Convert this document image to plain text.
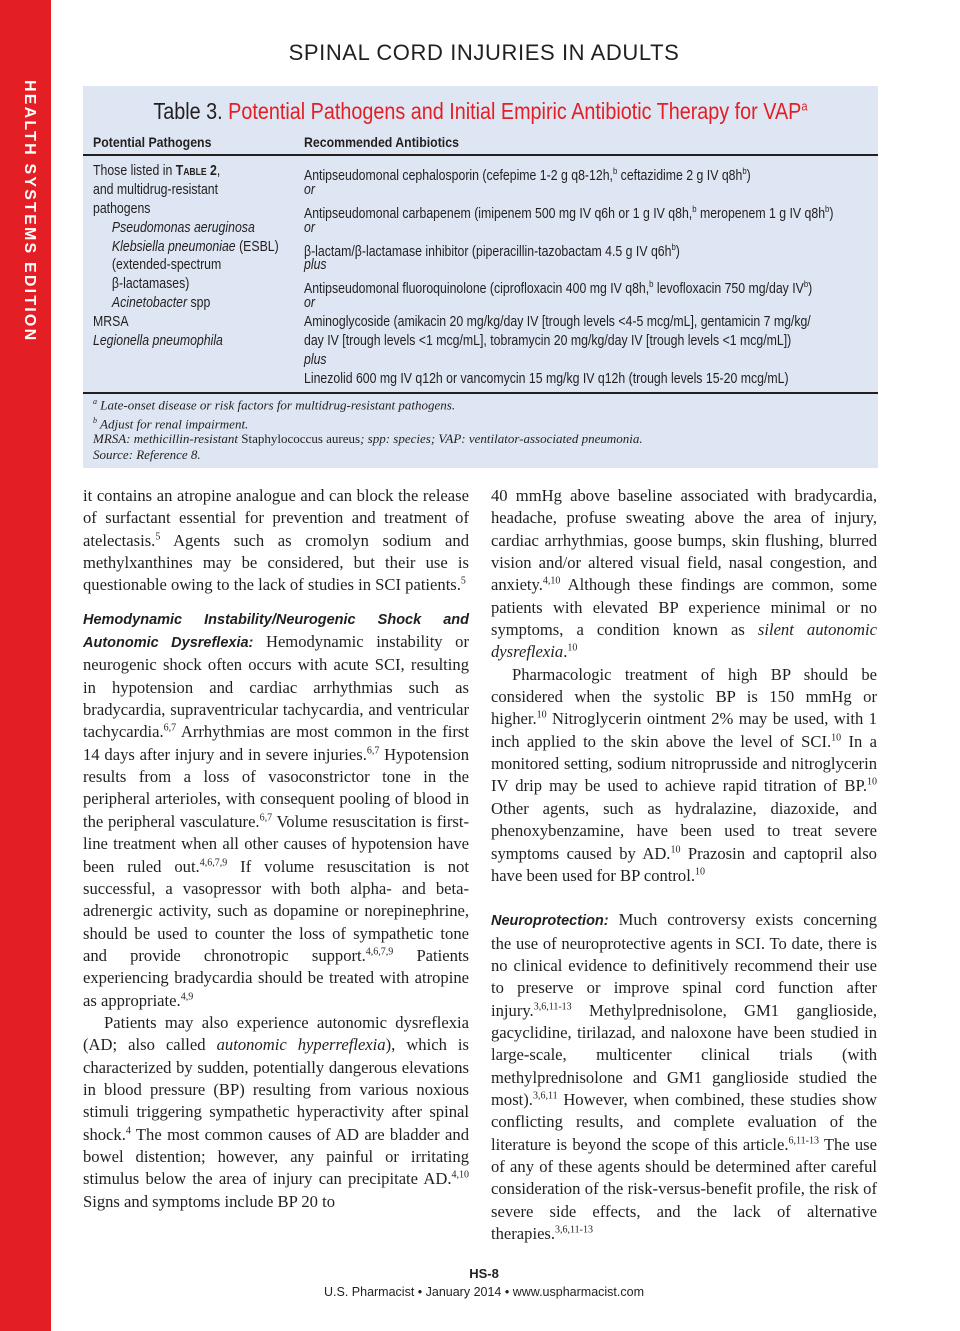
HEALTH SYSTEMS EDITION
SPINAL CORD INJURIES IN ADULTS
Table 3. Potential Pathogens and Initial Empiric Antibiotic Therapy for VAP$^a$
Potential Pathogens	Recommended Antibiotics
Those listed in Table 2,
and multidrug-resistant
pathogens
Pseudomonas aeruginosa
Klebsiella pneumoniae (ESBL)
(extended-spectrum
β-lactamases)
Acinetobacter spp
MRSA
Legionella pneumophila
Antipseudomonal cephalosporin (cefepime 1-2 g q8-12h,$^b$ ceftazidime 2 g IV $q8h^b$)
or
Antipseudomonal carbapenem (imipenem 500 mg IV q6h or 1 g IV q8h,$^b$ meropenem 1 g IV $q8h^b$)
or
β-lactam/β-lactamase inhibitor (piperacillin-tazobactam 4.5 g IV $q6h^b$)
plus
Antipseudomonal fluoroquinolone (ciprofloxacin 400 mg IV q8h,$^b$ levofloxacin 750 mg/day $IV^b$)
or
Aminoglycoside (amikacin 20 mg/kg/day IV [trough levels <4-5 mcg/mL], gentamicin 7 mg/kg/
day IV [trough levels <1 mcg/mL], tobramycin 20 mg/kg/day IV [trough levels <1 mcg/mL])
plus
Linezolid 600 mg IV q12h or vancomycin 15 mg/kg IV q12h (trough levels 15-20 mcg/mL)
$^a$ Late-onset disease or risk factors for multidrug-resistant pathogens.
$^b$ Adjust for renal impairment.
MRSA: methicillin-resistant Staphylococcus aureus; spp: species; VAP: ventilator-associated pneumonia.
Source: Reference 8.

it contains an atropine analogue and can block the release of surfactant essential for prevention and treatment of atelectasis.$^5$ Agents such as cromolyn sodium and methylxanthines may be considered, but their use is questionable owing to the lack of studies in SCI patients.$^5$

Hemodynamic Instability/Neurogenic Shock and Autonomic Dysreflexia: Hemodynamic instability or neurogenic shock often occurs with acute SCI, resulting in hypotension and cardiac arrhythmias such as bradycardia, supraventricular tachycardia, and ventricular tachycardia.$^{6,7}$ Arrhythmias are most common in the first 14 days after injury and in severe injuries.$^{6,7}$ Hypotension results from a loss of vasoconstrictor tone in the peripheral arterioles, with consequent pooling of blood in the peripheral vasculature.$^{6,7}$ Volume resuscitation is first-line treatment when all other causes of hypotension have been ruled out.$^{4,6,7,9}$ If volume resuscitation is not successful, a vasopressor with both alpha- and beta-adrenergic activity, such as dopamine or norepinephrine, should be used to counter the loss of sympathetic tone and provide chronotropic support.$^{4,6,7,9}$ Patients experiencing bradycardia should be treated with atropine as appropriate.$^{4,9}$

Patients may also experience autonomic dysreflexia (AD; also called autonomic hyperreflexia), which is characterized by sudden, potentially dangerous elevations in blood pressure (BP) resulting from various noxious stimuli triggering sympathetic hyperactivity after spinal shock.$^4$ The most common causes of AD are bladder and bowel distention; however, any painful or irritating stimulus below the area of injury can precipitate AD.$^{4,10}$ Signs and symptoms include BP 20 to

40 mmHg above baseline associated with bradycardia, headache, profuse sweating above the area of injury, cardiac arrhythmias, goose bumps, skin flushing, blurred vision and/or altered visual field, nasal congestion, and anxiety.$^{4,10}$ Although these findings are common, some patients with elevated BP experience minimal or no symptoms, a condition known as silent autonomic dysreflexia.$^{10}$

Pharmacologic treatment of high BP should be considered when the systolic BP is 150 mmHg or higher.$^{10}$ Nitroglycerin ointment 2% may be used, with 1 inch applied to the skin above the level of SCI.$^{10}$ In a monitored setting, sodium nitroprusside and nitroglycerin IV drip may be used to achieve rapid titration of BP.$^{10}$ Other agents, such as hydralazine, diazoxide, and phenoxybenzamine, have been used to treat severe symptoms caused by AD.$^{10}$ Prazosin and captopril also have been used for BP control.$^{10}$

Neuroprotection: Much controversy exists concerning the use of neuroprotective agents in SCI. To date, there is no clinical evidence to definitively recommend their use to preserve or improve spinal cord function after injury.$^{3,6,11-13}$ Methylprednisolone, GM1 ganglioside, gacyclidine, tirilazad, and naloxone have been studied in large-scale, multicenter clinical trials (with methylprednisolone and GM1 ganglioside studied the most).$^{3,6,11}$ However, when combined, these studies show conflicting results, and complete evaluation of the literature is beyond the scope of this article.$^{6,11-13}$ The use of any of these agents should be determined after careful consideration of the risk-versus-benefit profile, the risk of severe side effects, and the lack of alternative therapies.$^{3,6,11-13}$

HS-8
U.S. Pharmacist • January 2014 • www.uspharmacist.com
